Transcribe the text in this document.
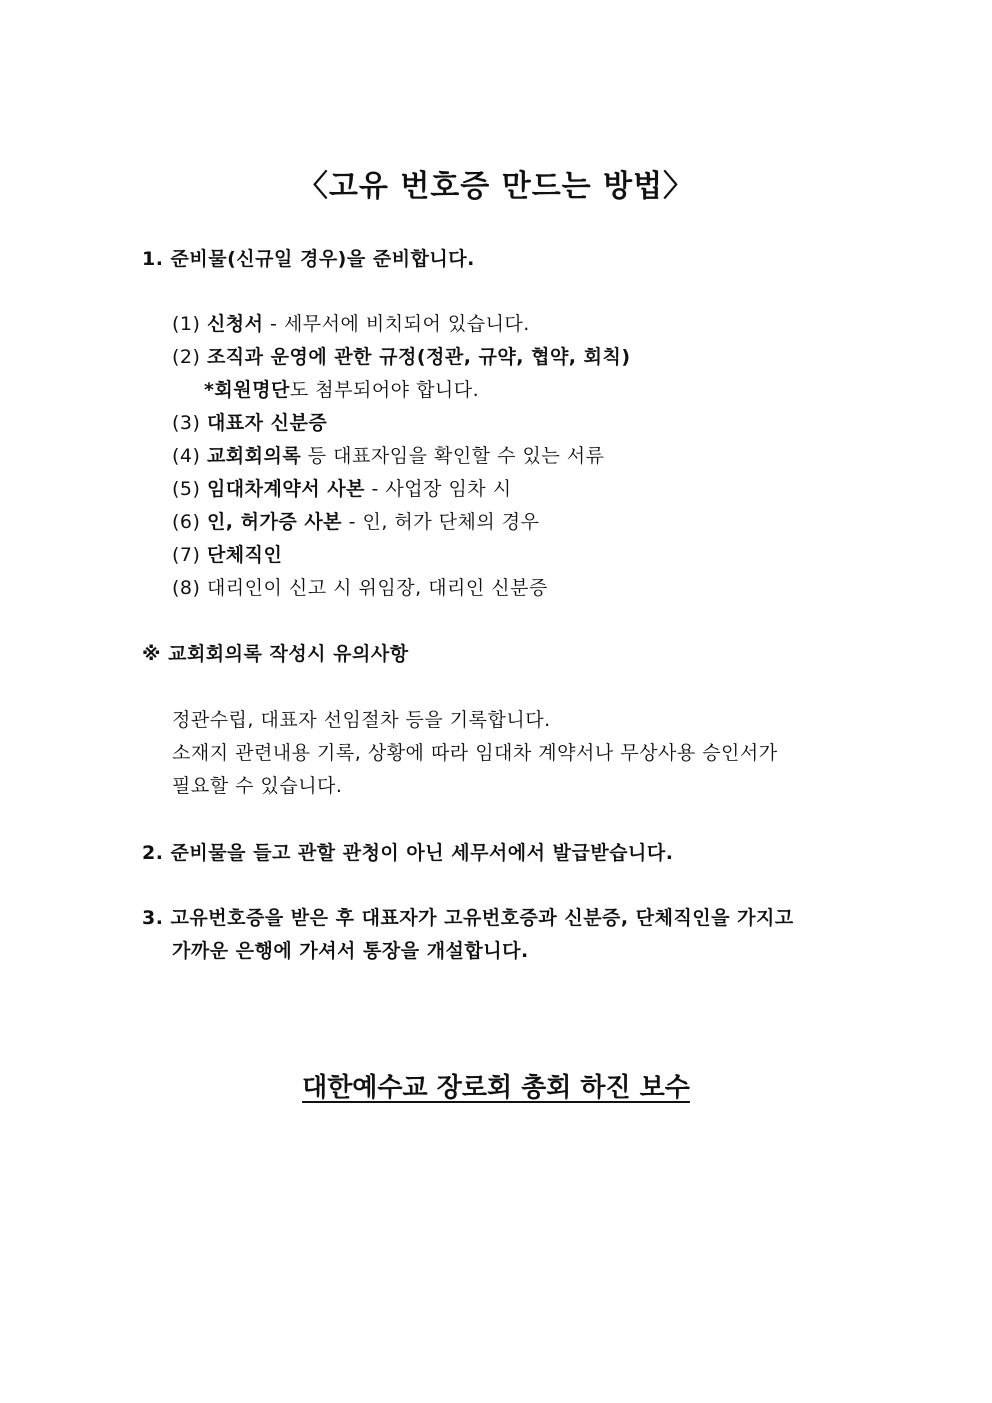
〈고유 번호증 만드는 방법〉
1. 준비물(신규일 경우)을 준비합니다.
(1) 신청서 - 세무서에 비치되어 있습니다.
(2) 조직과 운영에 관한 규정(정관, 규약, 협약, 회칙)
*회원명단도 첨부되어야 합니다.
(3) 대표자 신분증
(4) 교회회의록 등 대표자임을 확인할 수 있는 서류
(5) 임대차계약서 사본 - 사업장 임차 시
(6) 인, 허가증 사본 - 인, 허가 단체의 경우
(7) 단체직인
(8) 대리인이 신고 시 위임장, 대리인 신분증
※ 교회회의록 작성시 유의사항
정관수립, 대표자 선임절차 등을 기록합니다.
소재지 관련내용 기록, 상황에 따라 임대차 계약서나 무상사용 승인서가
필요할 수 있습니다.
2. 준비물을 들고 관할 관청이 아닌 세무서에서 발급받습니다.
3. 고유번호증을 받은 후 대표자가 고유번호증과 신분증, 단체직인을 가지고
가까운 은행에 가셔서 통장을 개설합니다.
대한예수교 장로회 총회 하진 보수
